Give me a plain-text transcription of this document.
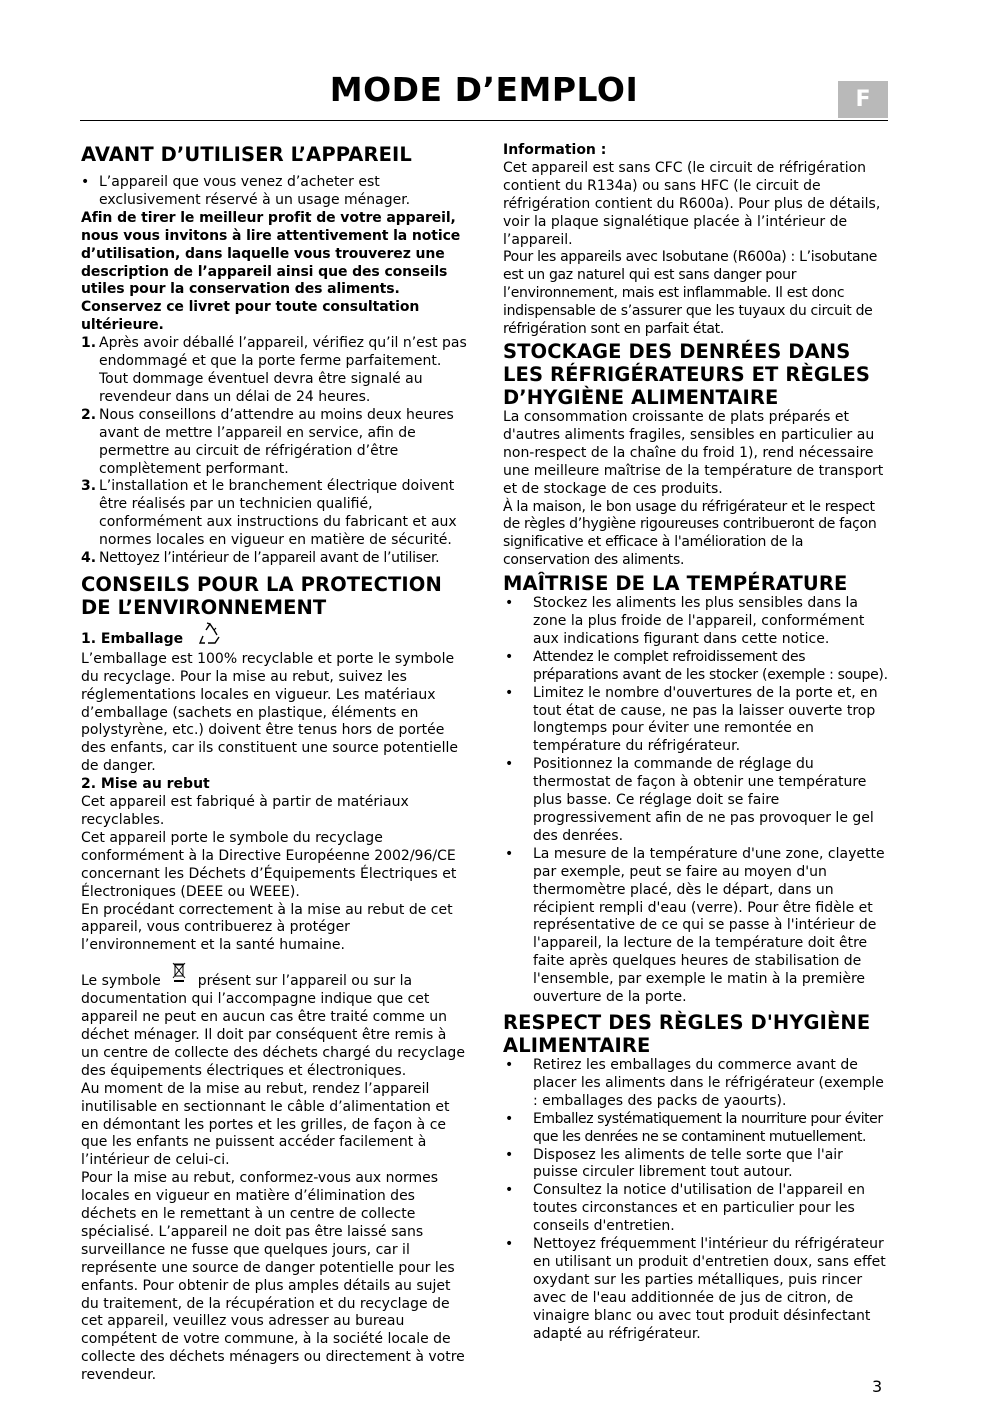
MODE D’EMPLOI	F
AVANT D’UTILISER L’APPAREIL
• L’appareil que vous venez d’acheter est exclusivement réservé à un usage ménager.

Afin de tirer le meilleur profit de votre appareil, nous vous invitons à lire attentivement la notice d’utilisation, dans laquelle vous trouverez une description de l’appareil ainsi que des conseils utiles pour la conservation des aliments. Conservez ce livret pour toute consultation ultérieure.

1. Après avoir déballé l’appareil, vérifiez qu’il n’est pas endommagé et que la porte ferme parfaitement. Tout dommage éventuel devra être signalé au revendeur dans un délai de 24 heures.
2. Nous conseillons d’attendre au moins deux heures avant de mettre l’appareil en service, afin de permettre au circuit de réfrigération d’être complètement performant.
3. L’installation et le branchement électrique doivent être réalisés par un technicien qualifié, conformément aux instructions du fabricant et aux normes locales en vigueur en matière de sécurité.
4. Nettoyez l’intérieur de l’appareil avant de l’utiliser.
CONSEILS POUR LA PROTECTION DE L’ENVIRONNEMENT
1. Emballage

L’emballage est 100% recyclable et porte le symbole du recyclage. Pour la mise au rebut, suivez les réglementations locales en vigueur. Les matériaux d’emballage (sachets en plastique, éléments en polystyrène, etc.) doivent être tenus hors de portée des enfants, car ils constituent une source potentielle de danger.

2. Mise au rebut

Cet appareil est fabriqué à partir de matériaux recyclables.

Cet appareil porte le symbole du recyclage conformément à la Directive Européenne 2002/96/CE concernant les Déchets d’Équipements Électriques et Électroniques (DEEE ou WEEE).

En procédant correctement à la mise au rebut de cet appareil, vous contribuerez à protéger l’environnement et la santé humaine.

Le symbole	présent sur l’appareil ou sur la documentation qui l’accompagne indique que cet appareil ne peut en aucun cas être traité comme un déchet ménager. Il doit par conséquent être remis à un centre de collecte des déchets chargé du recyclage des équipements électriques et électroniques.

Au moment de la mise au rebut, rendez l’appareil inutilisable en sectionnant le câble d’alimentation et en démontant les portes et les grilles, de façon à ce que les enfants ne puissent accéder facilement à l’intérieur de celui-ci.

Pour la mise au rebut, conformez-vous aux normes locales en vigueur en matière d’élimination des déchets en le remettant à un centre de collecte spécialisé. L’appareil ne doit pas être laissé sans surveillance ne fusse que quelques jours, car il représente une source de danger potentielle pour les enfants. Pour obtenir de plus amples détails au sujet du traitement, de la récupération et du recyclage de cet appareil, veuillez vous adresser au bureau compétent de votre commune, à la société locale de collecte des déchets ménagers ou directement à votre revendeur.

Information :

Cet appareil est sans CFC (le circuit de réfrigération contient du R134a) ou sans HFC (le circuit de réfrigération contient du R600a). Pour plus de détails, voir la plaque signalétique placée à l’intérieur de l’appareil.

Pour les appareils avec Isobutane (R600a) : L’isobutane est un gaz naturel qui est sans danger pour l’environnement, mais est inflammable. Il est donc indispensable de s’assurer que les tuyaux du circuit de réfrigération sont en parfait état.

STOCKAGE DES DENRÉES DANS LES RÉFRIGÉRATEURS ET RÈGLES D’HYGIÈNE ALIMENTAIRE

La consommation croissante de plats préparés et d'autres aliments fragiles, sensibles en particulier au non-respect de la chaîne du froid 1), rend nécessaire une meilleure maîtrise de la température de transport et de stockage de ces produits.

À la maison, le bon usage du réfrigérateur et le respect de règles d’hygiène rigoureuses contribueront de façon significative et efficace à l'amélioration de la conservation des aliments.

MAÎTRISE DE LA TEMPÉRATURE
•	Stockez les aliments les plus sensibles dans la zone la plus froide de l'appareil, conformément aux indications figurant dans cette notice.
•	Attendez le complet refroidissement des préparations avant de les stocker (exemple : soupe).
•	Limitez le nombre d'ouvertures de la porte et, en tout état de cause, ne pas la laisser ouverte trop longtemps pour éviter une remontée en température du réfrigérateur.
•	Positionnez la commande de réglage du thermostat de façon à obtenir une température plus basse. Ce réglage doit se faire progressivement afin de ne pas provoquer le gel des denrées.
•	La mesure de la température d'une zone, clayette par exemple, peut se faire au moyen d'un thermomètre placé, dès le départ, dans un récipient rempli d'eau (verre). Pour être fidèle et représentative de ce qui se passe à l'intérieur de l'appareil, la lecture de la température doit être faite après quelques heures de stabilisation de l'ensemble, par exemple le matin à la première ouverture de la porte.
RESPECT DES RÈGLES D'HYGIÈNE ALIMENTAIRE
•	Retirez les emballages du commerce avant de placer les aliments dans le réfrigérateur (exemple : emballages des packs de yaourts).
•	Emballez systématiquement la nourriture pour éviter que les denrées ne se contaminent mutuellement.
•	Disposez les aliments de telle sorte que l'air puisse circuler librement tout autour.
•	Consultez la notice d'utilisation de l'appareil en toutes circonstances et en particulier pour les conseils d'entretien.
•	Nettoyez fréquemment l'intérieur du réfrigérateur en utilisant un produit d'entretien doux, sans effet oxydant sur les parties métalliques, puis rincer avec de l'eau additionnée de jus de citron, de vinaigre blanc ou avec tout produit désinfectant adapté au réfrigérateur.
3
